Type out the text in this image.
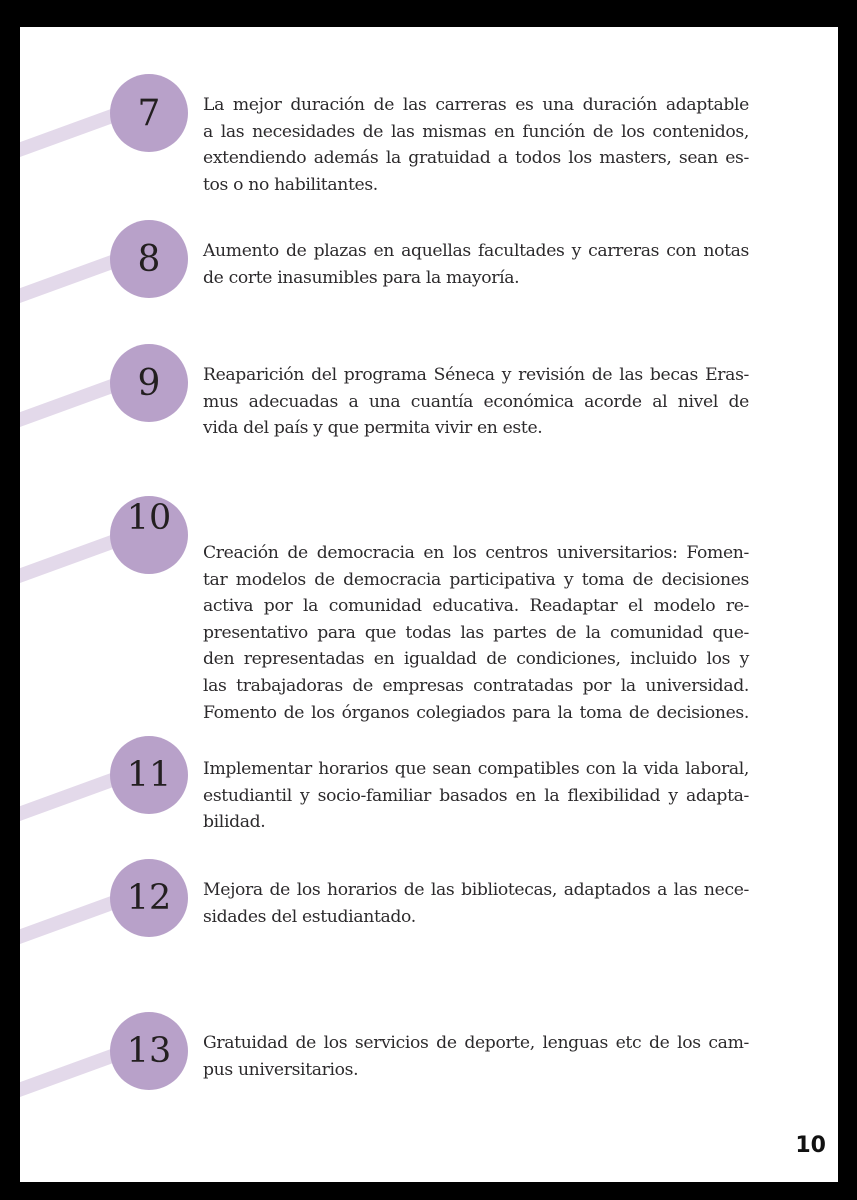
7	La mejor duración de las carreras es una duración adaptable
a las necesidades de las mismas en función de los contenidos,
extendiendo además la gratuidad a todos los masters, sean es-
tos o no habilitantes.
8	Aumento de plazas en aquellas facultades y carreras con notas
de corte inasumibles para la mayoría.
9	Reaparición del programa Séneca y revisión de las becas Eras-
mus adecuadas a una cuantía económica acorde al nivel de
vida del país y que permita vivir en este.
10
Creación de democracia en los centros universitarios: Fomen-
tar modelos de democracia participativa y toma de decisiones
activa por la comunidad educativa. Readaptar el modelo re-
presentativo para que todas las partes de la comunidad que-
den representadas en igualdad de condiciones, incluido los y
las trabajadoras de empresas contratadas por la universidad.
Fomento de los órganos colegiados para la toma de decisiones.
11	Implementar horarios que sean compatibles con la vida laboral,
estudiantil y socio-familiar basados en la flexibilidad y adapta-
bilidad.
12	Mejora de los horarios de las bibliotecas, adaptados a las nece-
sidades del estudiantado.
13	Gratuidad de los servicios de deporte, lenguas etc de los cam-
pus universitarios.
10
